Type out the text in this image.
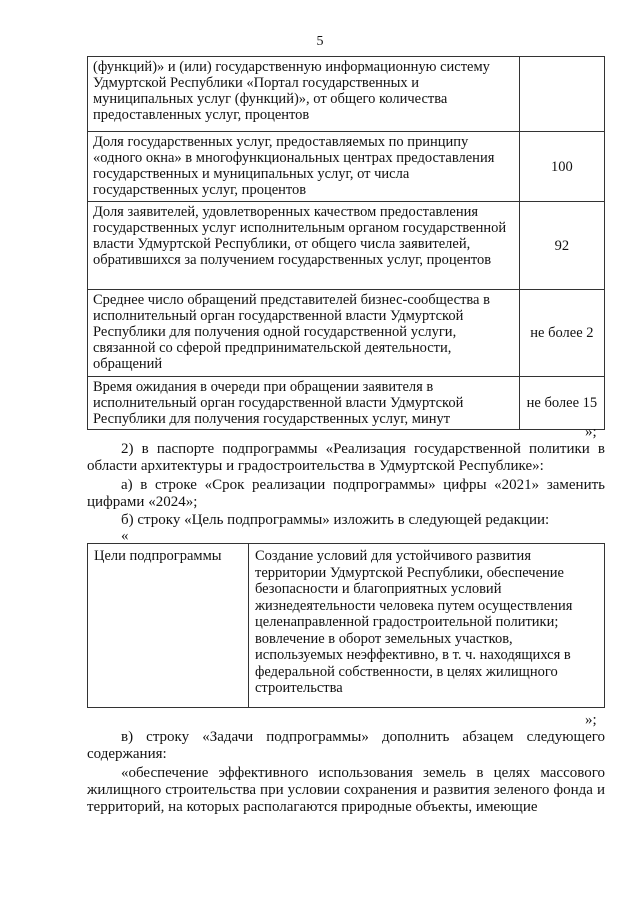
5
(функций)» и (или) государственную информационную систему Удмуртской Республики «Портал государственных и муниципальных услуг (функций)», от общего количества предоставленных услуг, процентов	
Доля государственных услуг, предоставляемых по принципу «одного окна» в многофункциональных центрах предоставления государственных и муниципальных услуг, от числа государственных услуг, процентов	100
Доля заявителей, удовлетворенных качеством предоставления государственных услуг исполнительным органом государственной власти Удмуртской Республики, от общего числа заявителей, обратившихся за получением государственных услуг, процентов	92
Среднее число обращений представителей бизнес-сообщества в исполнительный орган государственной власти Удмуртской Республики для получения одной государственной услуги, связанной со сферой предпринимательской деятельности, обращений	не более 2
Время ожидания в очереди при обращении заявителя в исполнительный орган государственной власти Удмуртской Республики для получения государственных услуг, минут	не более 15
»;

2) в паспорте подпрограммы «Реализация государственной политики в области архитектуры и градостроительства в Удмуртской Республике»:

а) в строке «Срок реализации подпрограммы» цифры «2021» заменить цифрами «2024»;

б) строку «Цель подпрограммы» изложить в следующей редакции:

«
Цели подпрограммы	Создание условий для устойчивого развития территории Удмуртской Республики, обеспечение безопасности и благоприятных условий жизнедеятельности человека путем осуществления целенаправленной градостроительной политики; вовлечение в оборот земельных участков, используемых неэффективно, в т. ч. находящихся в федеральной собственности, в целях жилищного строительства
»;

в) строку «Задачи подпрограммы» дополнить абзацем следующего содержания:

«обеспечение эффективного использования земель в целях массового жилищного строительства при условии сохранения и развития зеленого фонда и территорий, на которых располагаются природные объекты, имеющие
